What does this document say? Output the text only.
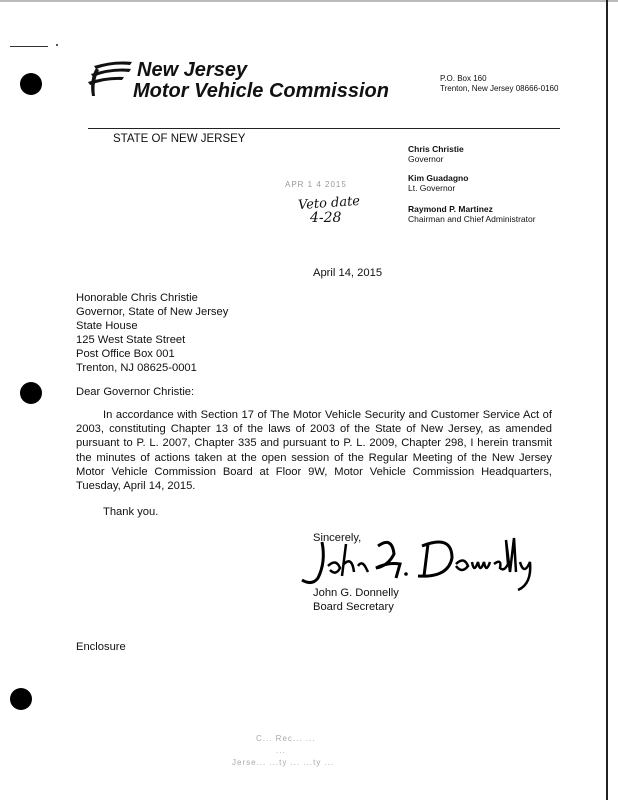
New Jersey
Motor Vehicle Commission
P.O. Box 160
Trenton, New Jersey 08666-0160
STATE OF NEW JERSEY
Chris Christie
Governor
Kim Guadagno
Lt. Governor
Raymond P. Martinez
Chairman and Chief Administrator
APR 1 4 2015
Veto date
4-28
April 14, 2015
Honorable Chris Christie
Governor, State of New Jersey
State House
125 West State Street
Post Office Box 001
Trenton, NJ 08625-0001
Dear Governor Christie:
In accordance with Section 17 of The Motor Vehicle Security and Customer Service Act of 2003, constituting Chapter 13 of the laws of 2003 of the State of New Jersey, as amended pursuant to P. L. 2007, Chapter 335 and pursuant to P. L. 2009, Chapter 298, I herein transmit the minutes of actions taken at the open session of the Regular Meeting of the New Jersey Motor Vehicle Commission Board at Floor 9W, Motor Vehicle Commission Headquarters, Tuesday, April 14, 2015.
Thank you.
Sincerely,
John G. Donnelly
Board Secretary
Enclosure
C... Rec... ...
...
Jerse... ...ty ... ...ty ...
